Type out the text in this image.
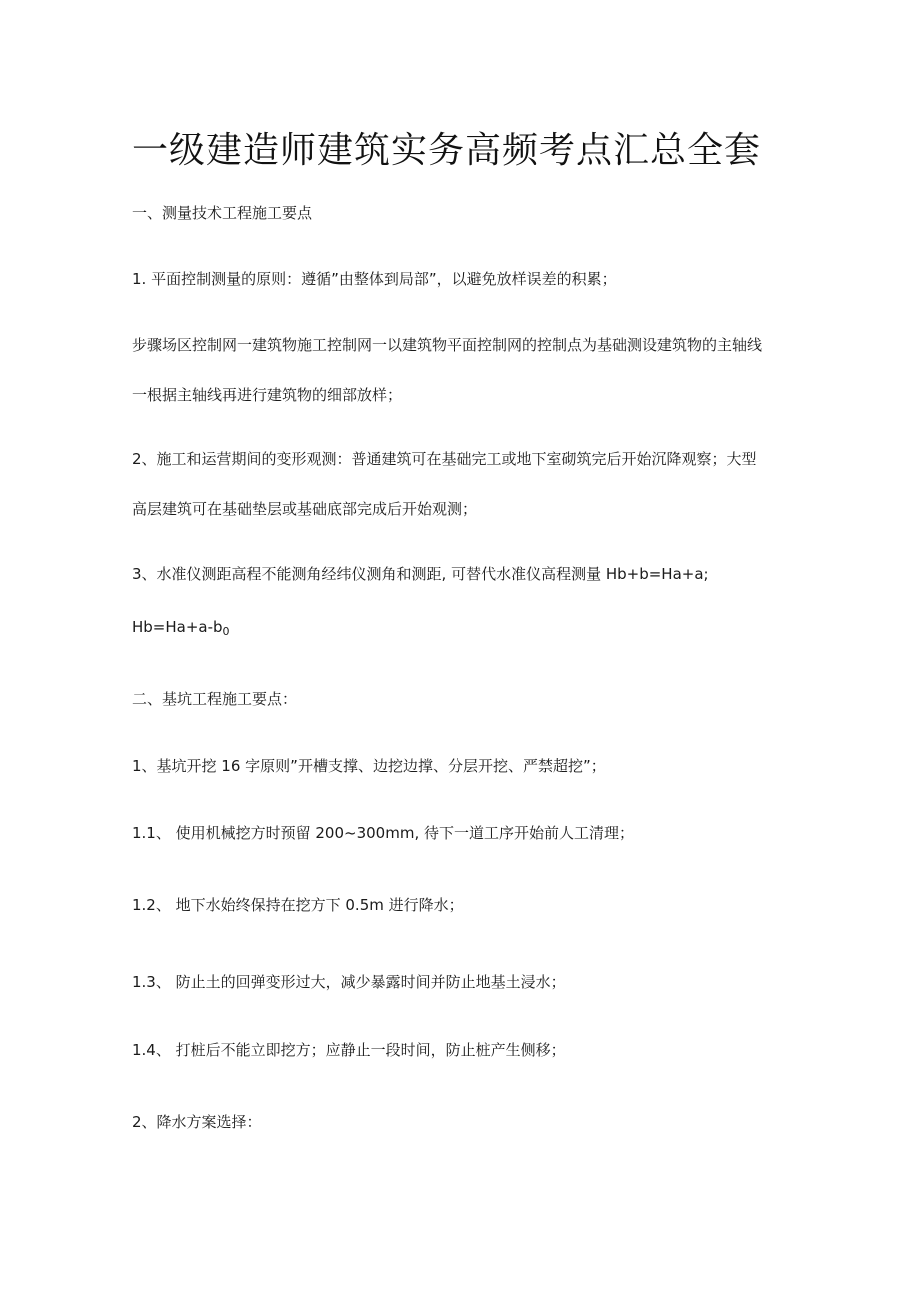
一级建造师建筑实务高频考点汇总全套
一、测量技术工程施工要点
1. 平面控制测量的原则：遵循”由整体到局部”，以避免放样误差的积累；
步骤场区控制网一建筑物施工控制网一以建筑物平面控制网的控制点为基础测设建筑物的主轴线
一根据主轴线再进行建筑物的细部放样；
2、施工和运营期间的变形观测：普通建筑可在基础完工或地下室砌筑完后开始沉降观察；大型
高层建筑可在基础垫层或基础底部完成后开始观测；
3、水准仪测距高程不能测角经纬仪测角和测距, 可替代水准仪高程测量 Hb+b=Ha+a;
$Hb=Ha+a-b_0$
二、基坑工程施工要点：
1、基坑开挖 16 字原则”开槽支撑、边挖边撑、分层开挖、严禁超挖”；
1.1、 使用机械挖方时预留 200~300mm, 待下一道工序开始前人工清理；
1.2、 地下水始终保持在挖方下 0.5m 进行降水；
1.3、 防止土的回弹变形过大，减少暴露时间并防止地基土浸水；
1.4、 打桩后不能立即挖方；应静止一段时间，防止桩产生侧移；
2、降水方案选择：
